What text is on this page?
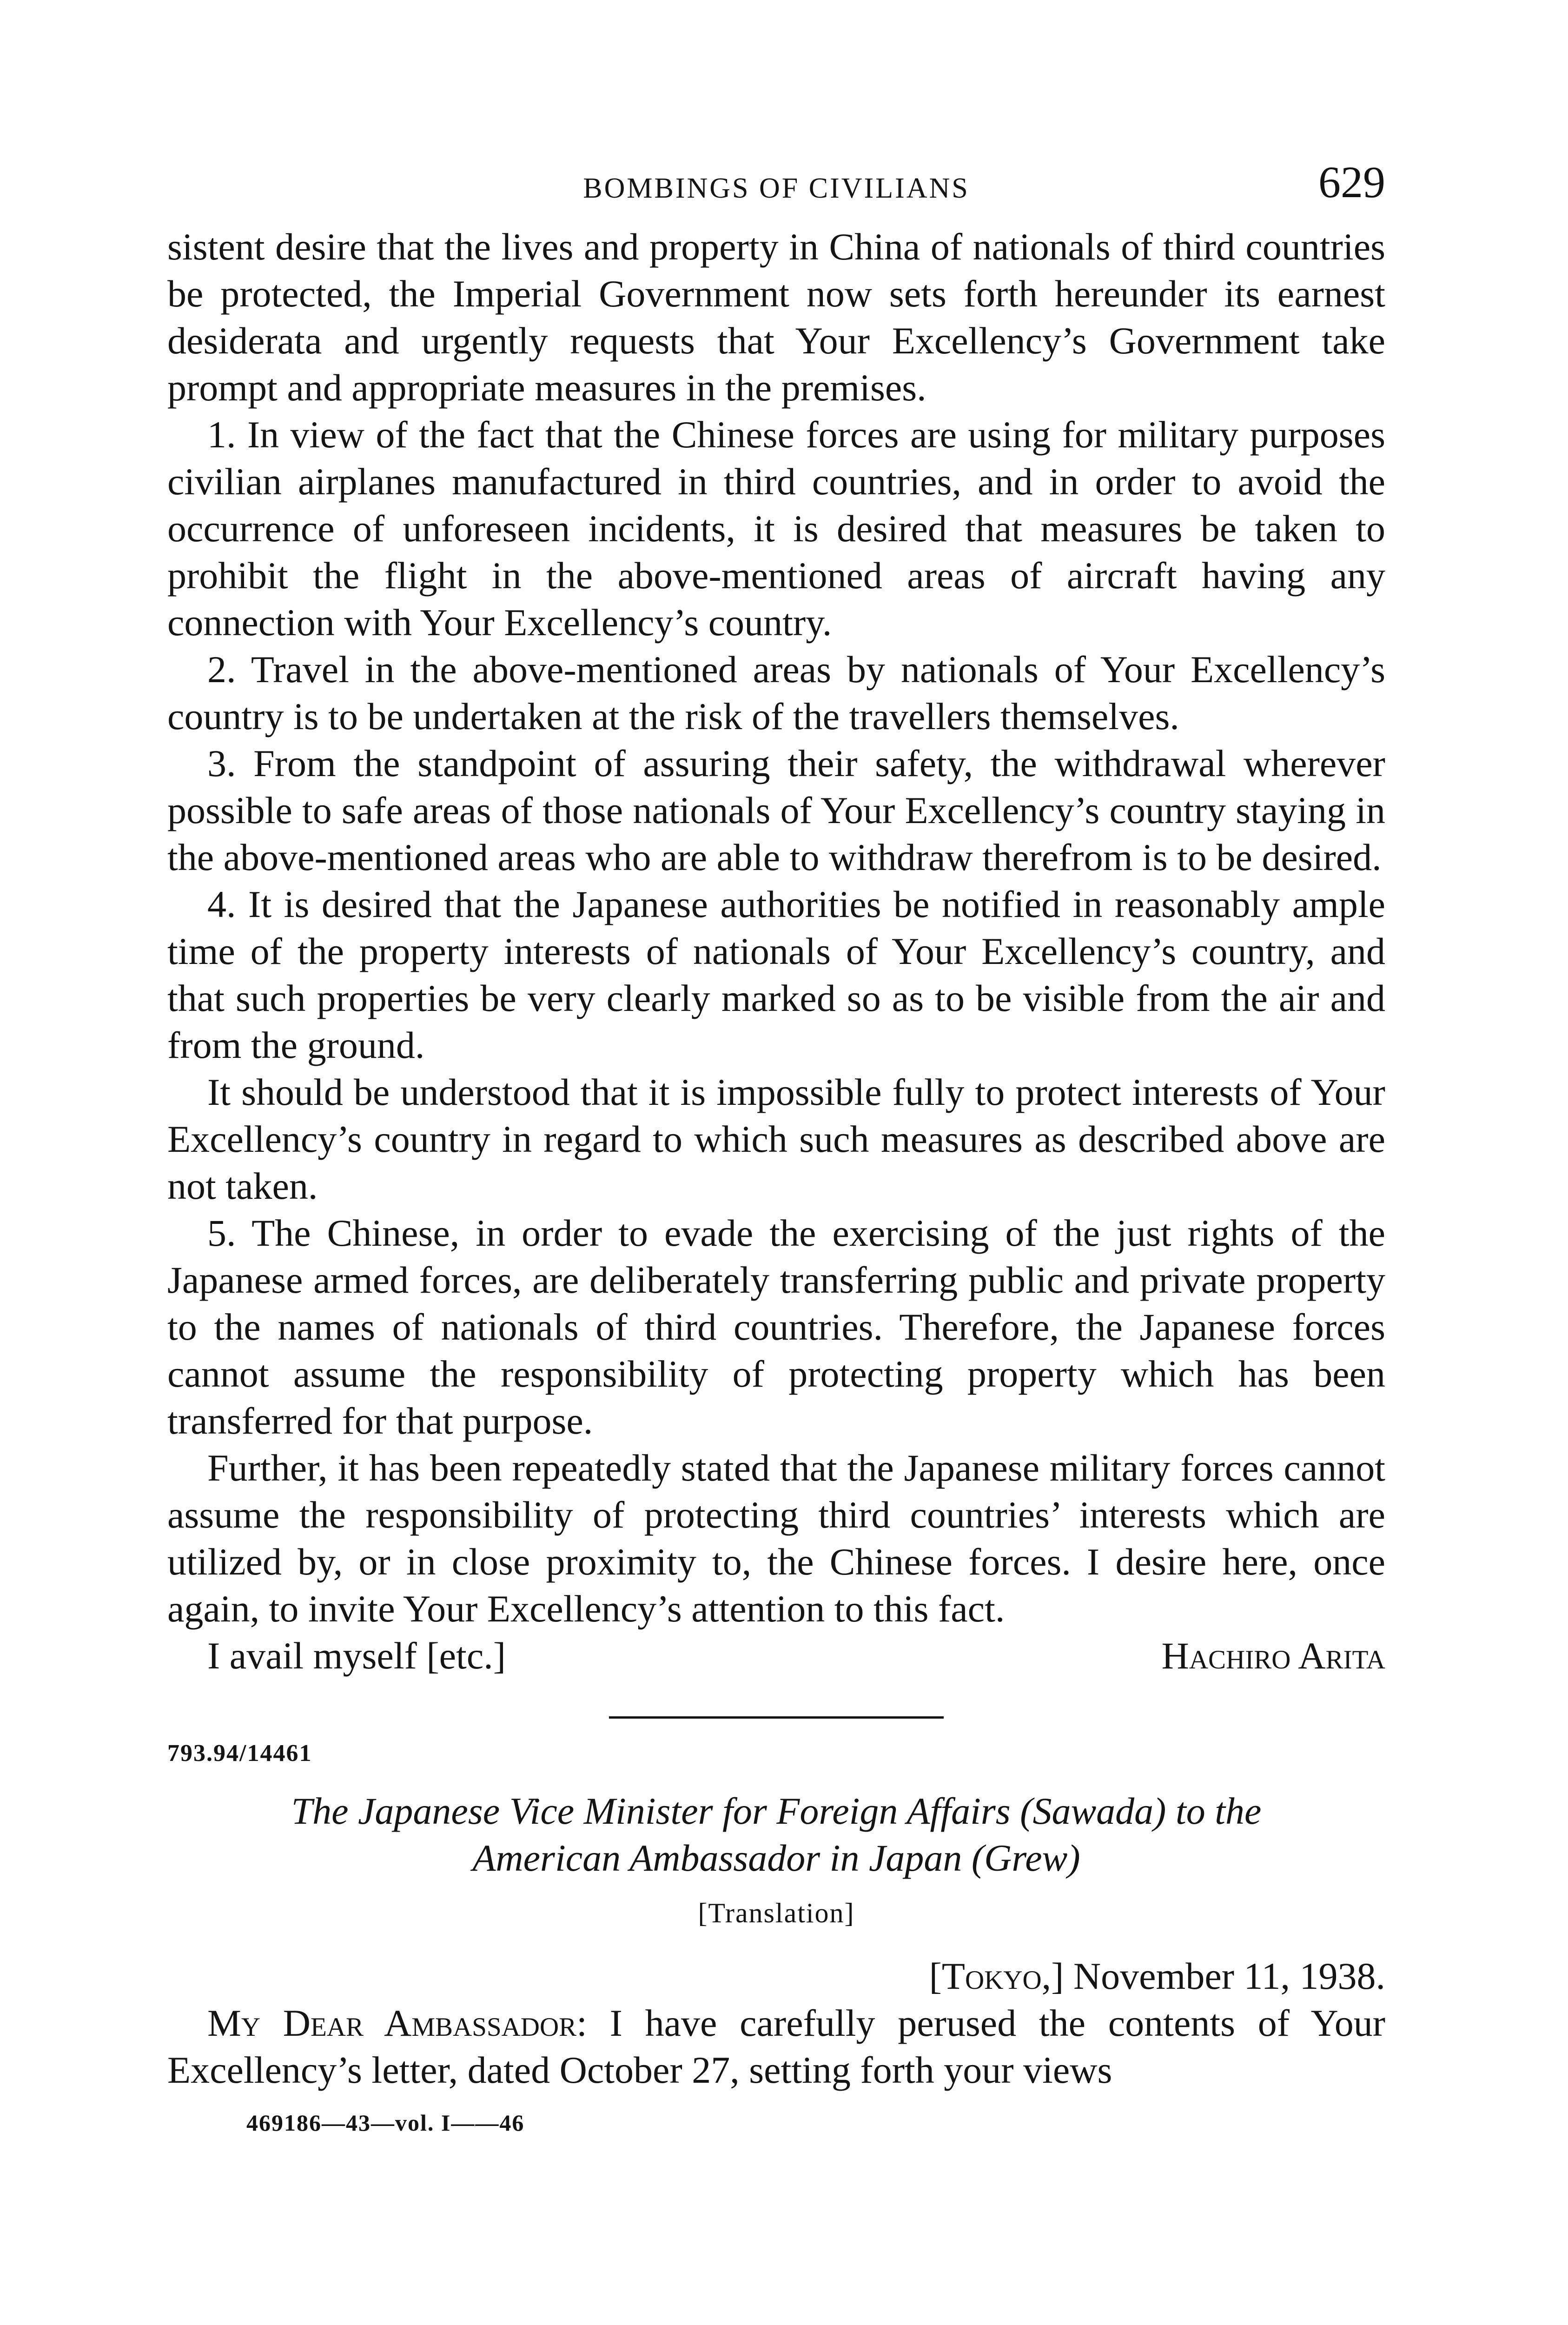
BOMBINGS OF CIVILIANS	629

sistent desire that the lives and property in China of nationals of third countries be protected, the Imperial Government now sets forth hereunder its earnest desiderata and urgently requests that Your Excellency’s Government take prompt and appropriate measures in the premises.

1. In view of the fact that the Chinese forces are using for military purposes civilian airplanes manufactured in third countries, and in order to avoid the occurrence of unforeseen incidents, it is desired that measures be taken to prohibit the flight in the above-mentioned areas of aircraft having any connection with Your Excellency’s country.

2. Travel in the above-mentioned areas by nationals of Your Excellency’s country is to be undertaken at the risk of the travellers themselves.

3. From the standpoint of assuring their safety, the withdrawal wherever possible to safe areas of those nationals of Your Excellency’s country staying in the above-mentioned areas who are able to withdraw therefrom is to be desired.

4. It is desired that the Japanese authorities be notified in reasonably ample time of the property interests of nationals of Your Excellency’s country, and that such properties be very clearly marked so as to be visible from the air and from the ground.

It should be understood that it is impossible fully to protect interests of Your Excellency’s country in regard to which such measures as described above are not taken.

5. The Chinese, in order to evade the exercising of the just rights of the Japanese armed forces, are deliberately transferring public and private property to the names of nationals of third countries. Therefore, the Japanese forces cannot assume the responsibility of protecting property which has been transferred for that purpose.

Further, it has been repeatedly stated that the Japanese military forces cannot assume the responsibility of protecting third countries’ interests which are utilized by, or in close proximity to, the Chinese forces. I desire here, once again, to invite Your Excellency’s attention to this fact.

I avail myself [etc.]	Hachiro Arita
793.94/14461
The Japanese Vice Minister for Foreign Affairs (Sawada) to the
American Ambassador in Japan (Grew)
[Translation]
[Tokyo,] November 11, 1938.

My Dear Ambassador: I have carefully perused the contents of Your Excellency’s letter, dated October 27, setting forth your views

469186—43—vol. I——46
